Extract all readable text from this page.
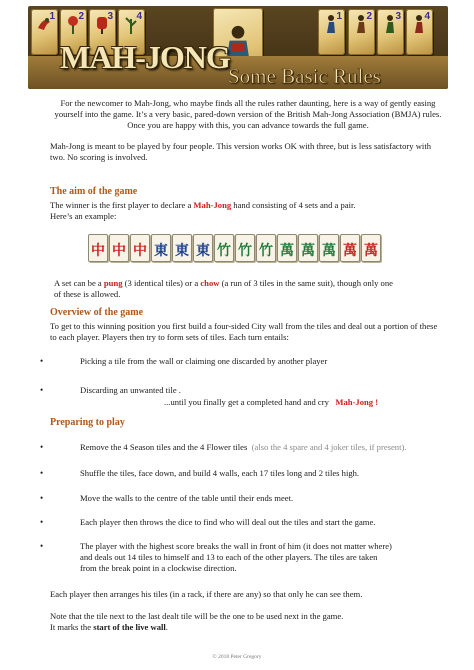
1 2 3 4	1 2 3 4
MAH-JONG
Some Basic Rules

For the newcomer to Mah-Jong, who maybe finds all the rules rather daunting, here is a way of gently easing yourself into the game. It’s a very basic, pared-down version of the British Mah-Jong Association (BMJA) rules. Once you are happy with this, you can advance towards the full game.

Mah-Jong is meant to be played by four people. This version works OK with three, but is less satisfactory with two. No scoring is involved.

The aim of the game

The winner is the first player to declare a Mah-Jong hand consisting of 4 sets and a pair.

Here’s an example:

中 中 中 東 東 東 竹 竹 竹 萬 萬 萬 萬 萬

A set can be a pung (3 identical tiles) or a chow (a run of 3 tiles in the same suit), though only one
of these is allowed.

Overview of the game

To get to this winning position you first build a four-sided City wall from the tiles and deal out a portion of these to each player. Players then try to form sets of tiles. Each turn entails:

•	Picking a tile from the wall or claiming one discarded by another player

•	Discarding an unwanted tile .

...until you finally get a completed hand and cry Mah-Jong !

Preparing to play
•	Remove the 4 Season tiles and the 4 Flower tiles (also the 4 spare and 4 joker tiles, if present).

•	Shuffle the tiles, face down, and build 4 walls, each 17 tiles long and 2 tiles high.

•	Move the walls to the centre of the table until their ends meet.

•	Each player then throws the dice to find who will deal out the tiles and start the game.

•	The player with the highest score breaks the wall in front of him (it does not matter where)
and deals out 14 tiles to himself and 13 to each of the other players. The tiles are taken
from the break point in a clockwise direction.

Each player then arranges his tiles (in a rack, if there are any) so that only he can see them.

Note that the tile next to the last dealt tile will be the one to be used next in the game.
It marks the start of the live wall.

© 2018 Peter Gregory
